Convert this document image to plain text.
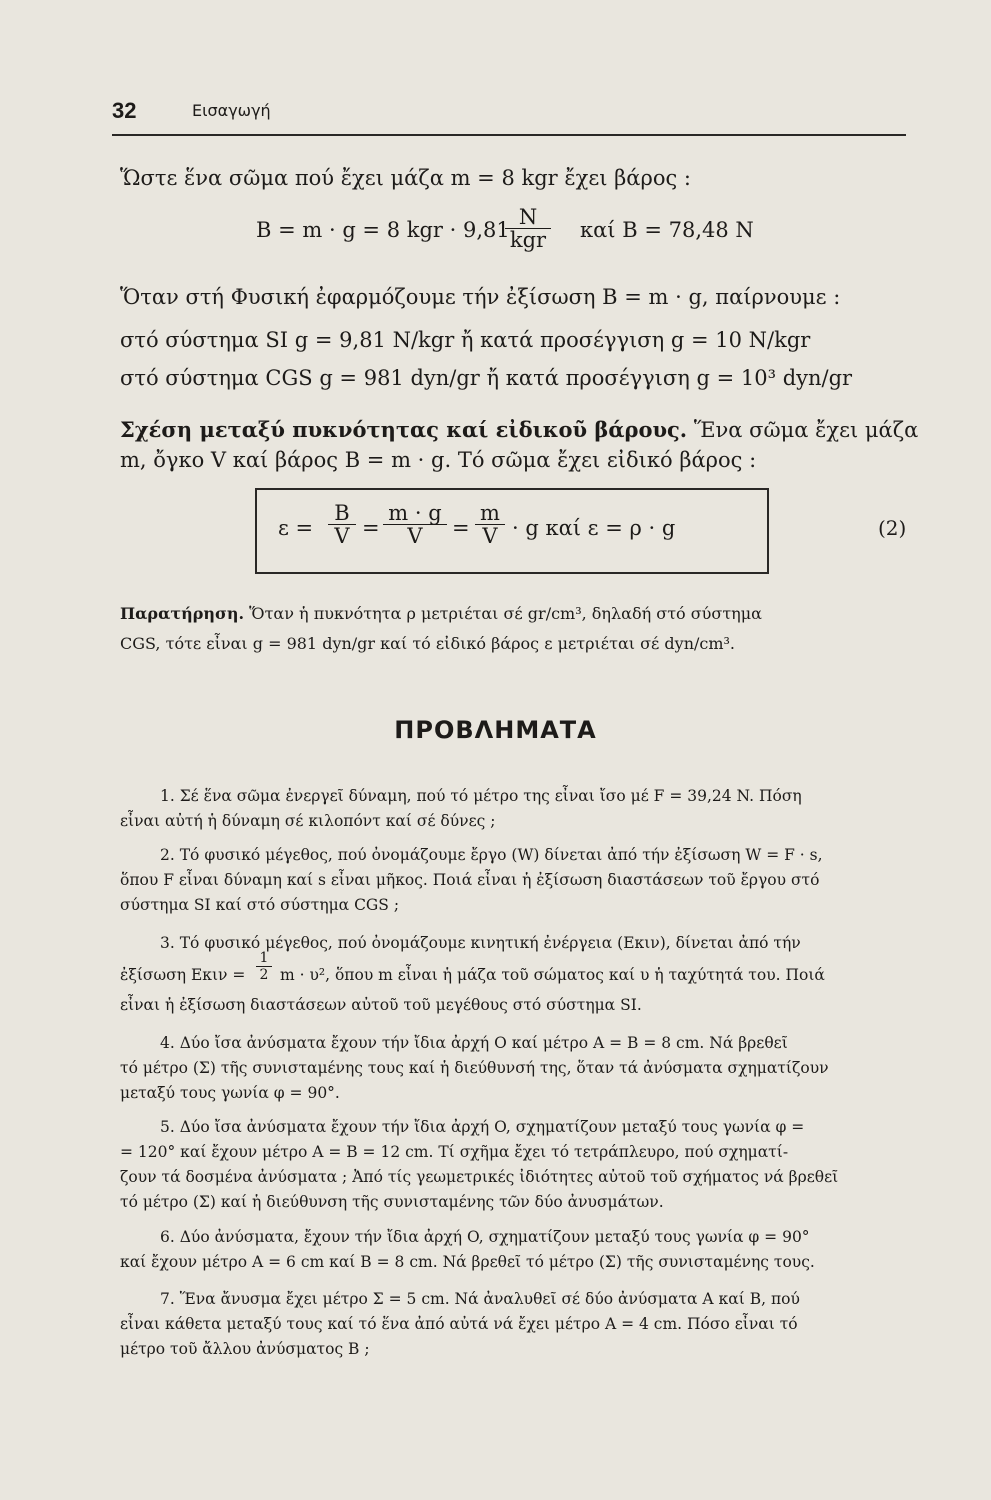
32	Εισαγωγή
Ὥστε ἕνα σῶμα πού ἔχει μάζα m = 8 kgr ἔχει βάρος :
B = m · g = 8 kgr · 9,81
N
kgr καί B = 78,48 N
Ὅταν στή Φυσική ἐφαρμόζουμε τήν ἐξίσωση B = m · g, παίρνουμε :
στό σύστημα SI g = 9,81 N/kgr ἤ κατά προσέγγιση g = 10 N/kgr
στό σύστημα CGS g = 981 dyn/gr ἤ κατά προσέγγιση g = 10³ dyn/gr
Σχέση μεταξύ πυκνότητας καί εἰδικοῦ βάρους. Ἕνα σῶμα ἔχει μάζα
m, ὄγκο V καί βάρος B = m · g. Τό σῶμα ἔχει εἰδικό βάρος :
$\varepsilon = \frac{B}{V} = \frac{m \cdot g}{V} = \frac{m}{V} \cdot g$ καί ε = ρ · g	(2)
Παρατήρηση. Ὅταν ἡ πυκνότητα ρ μετριέται σέ gr/cm³, δηλαδή στό σύστημα
CGS, τότε εἶναι g = 981 dyn/gr καί τό εἰδικό βάρος ε μετριέται σέ dyn/cm³.
ΠΡΟΒΛΗΜΑΤΑ
1. Σέ ἕνα σῶμα ἐνεργεῖ δύναμη, πού τό μέτρο της εἶναι ἴσο μέ F = 39,24 N. Πόση
εἶναι αὐτή ἡ δύναμη σέ κιλοπόντ καί σέ δύνες ;
2. Τό φυσικό μέγεθος, πού ὀνομάζουμε ἔργο (W) δίνεται ἀπό τήν ἐξίσωση W = F · s,
ὅπου F εἶναι δύναμη καί s εἶναι μῆκος. Ποιά εἶναι ἡ ἐξίσωση διαστάσεων τοῦ ἔργου στό
σύστημα SI καί στό σύστημα CGS ;
3. Τό φυσικό μέγεθος, πού ὀνομάζουμε κινητική ἐνέργεια (Eκιν), δίνεται ἀπό τήν
ἐξίσωση $E\kappa\iota\nu = \frac{1}{2}$ m · υ², ὅπου m εἶναι ἡ μάζα τοῦ σώματος καί υ ἡ ταχύτητά του. Ποιά
εἶναι ἡ ἐξίσωση διαστάσεων αὐτοῦ τοῦ μεγέθους στό σύστημα SI.
4. Δύο ἴσα ἀνύσματα ἔχουν τήν ἴδια ἀρχή O καί μέτρο A = B = 8 cm. Νά βρεθεῖ
τό μέτρο (Σ) τῆς συνισταμένης τους καί ἡ διεύθυνσή της, ὅταν τά ἀνύσματα σχηματίζουν
μεταξύ τους γωνία φ = 90°.
5. Δύο ἴσα ἀνύσματα ἔχουν τήν ἴδια ἀρχή O, σχηματίζουν μεταξύ τους γωνία φ =
= 120° καί ἔχουν μέτρο A = B = 12 cm. Τί σχῆμα ἔχει τό τετράπλευρο, πού σχηματί-
ζουν τά δοσμένα ἀνύσματα ; Ἀπό τίς γεωμετρικές ἰδιότητες αὐτοῦ τοῦ σχήματος νά βρεθεῖ
τό μέτρο (Σ) καί ἡ διεύθυνση τῆς συνισταμένης τῶν δύο ἀνυσμάτων.
6. Δύο ἀνύσματα, ἔχουν τήν ἴδια ἀρχή O, σχηματίζουν μεταξύ τους γωνία φ = 90°
καί ἔχουν μέτρο A = 6 cm καί B = 8 cm. Νά βρεθεῖ τό μέτρο (Σ) τῆς συνισταμένης τους.
7. Ἕνα ἄνυσμα ἔχει μέτρο Σ = 5 cm. Νά ἀναλυθεῖ σέ δύο ἀνύσματα A καί B, πού
εἶναι κάθετα μεταξύ τους καί τό ἕνα ἀπό αὐτά νά ἔχει μέτρο A = 4 cm. Πόσο εἶναι τό
μέτρο τοῦ ἄλλου ἀνύσματος B ;
